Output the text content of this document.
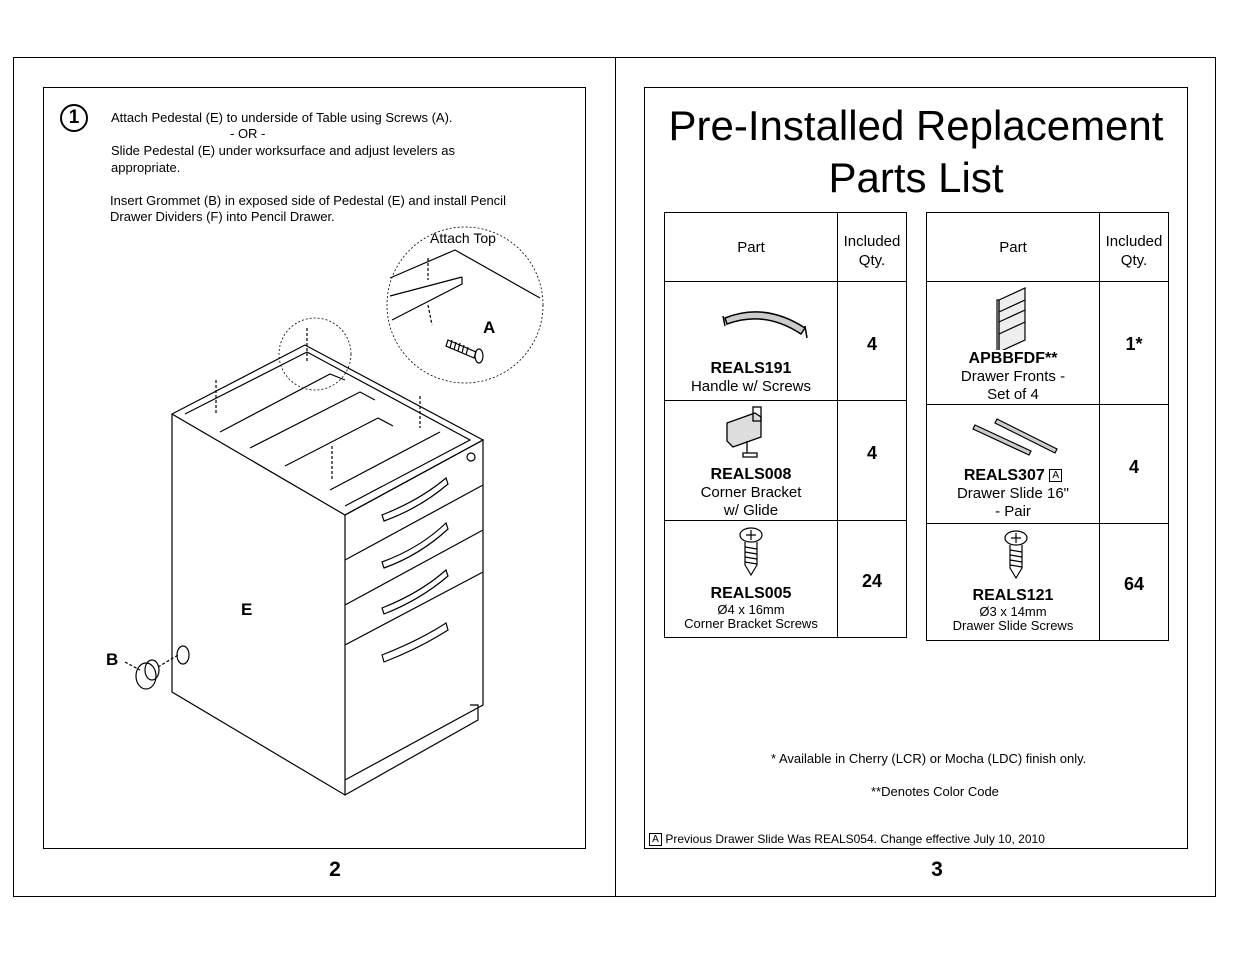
1	Attach Pedestal (E) to underside of Table using Screws (A).
- OR -
Slide Pedestal (E) under worksurface and adjust levelers as
appropriate.
Insert Grommet (B) in exposed side of Pedestal (E) and install Pencil
Drawer Dividers (F) into Pencil Drawer.
Attach Top
A
B
E
2
Pre-Installed Replacement
Parts List
Part	Included
Qty.

REALS191
Handle w/ Screws	4

REALS008
Corner Bracket
w/ Glide	4

REALS005
Ø4 x 16mm
Corner Bracket Screws	24
Part	Included
Qty.

APBBFDF**
Drawer Fronts -
Set of 4	1*

REALS307 A
Drawer Slide 16"
- Pair	4

REALS121
Ø3 x 14mm
Drawer Slide Screws	64
* Available in Cherry (LCR) or Mocha (LDC) finish only.
**Denotes Color Code
A Previous Drawer Slide Was REALS054. Change effective July 10, 2010
3
